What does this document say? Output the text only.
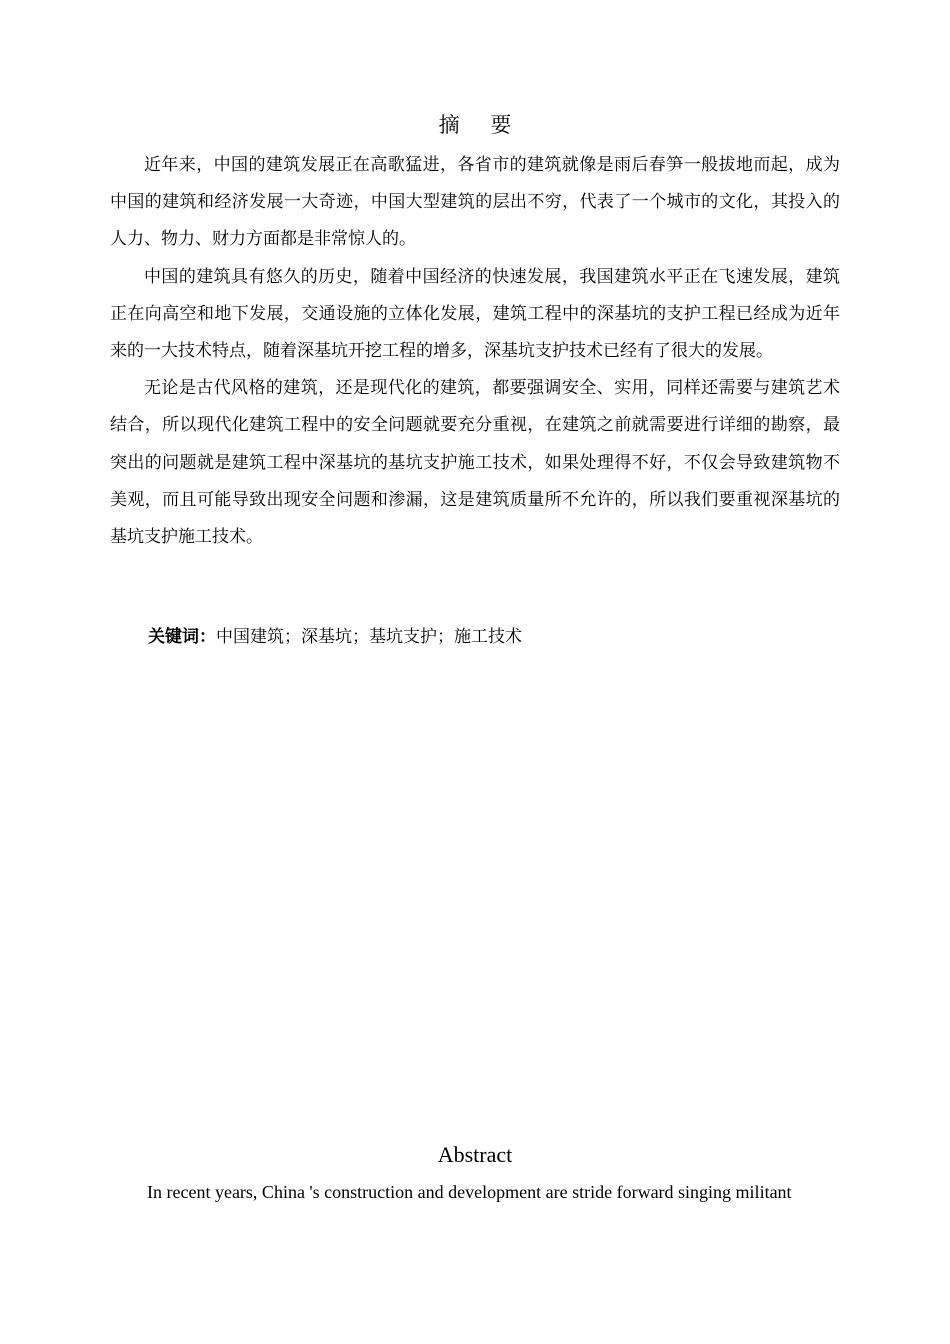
摘 要

近年来，中国的建筑发展正在高歌猛进，各省市的建筑就像是雨后春笋一般拔地而起，成为中国的建筑和经济发展一大奇迹，中国大型建筑的层出不穷，代表了一个城市的文化，其投入的人力、物力、财力方面都是非常惊人的。

中国的建筑具有悠久的历史，随着中国经济的快速发展，我国建筑水平正在飞速发展，建筑正在向高空和地下发展，交通设施的立体化发展，建筑工程中的深基坑的支护工程已经成为近年来的一大技术特点，随着深基坑开挖工程的增多，深基坑支护技术已经有了很大的发展。

无论是古代风格的建筑，还是现代化的建筑，都要强调安全、实用，同样还需要与建筑艺术结合，所以现代化建筑工程中的安全问题就要充分重视，在建筑之前就需要进行详细的勘察，最突出的问题就是建筑工程中深基坑的基坑支护施工技术，如果处理得不好，不仅会导致建筑物不美观，而且可能导致出现安全问题和渗漏，这是建筑质量所不允许的，所以我们要重视深基坑的基坑支护施工技术。

关键词：中国建筑；深基坑；基坑支护；施工技术
Abstract

In recent years, China 's construction and development are stride forward singing militant
